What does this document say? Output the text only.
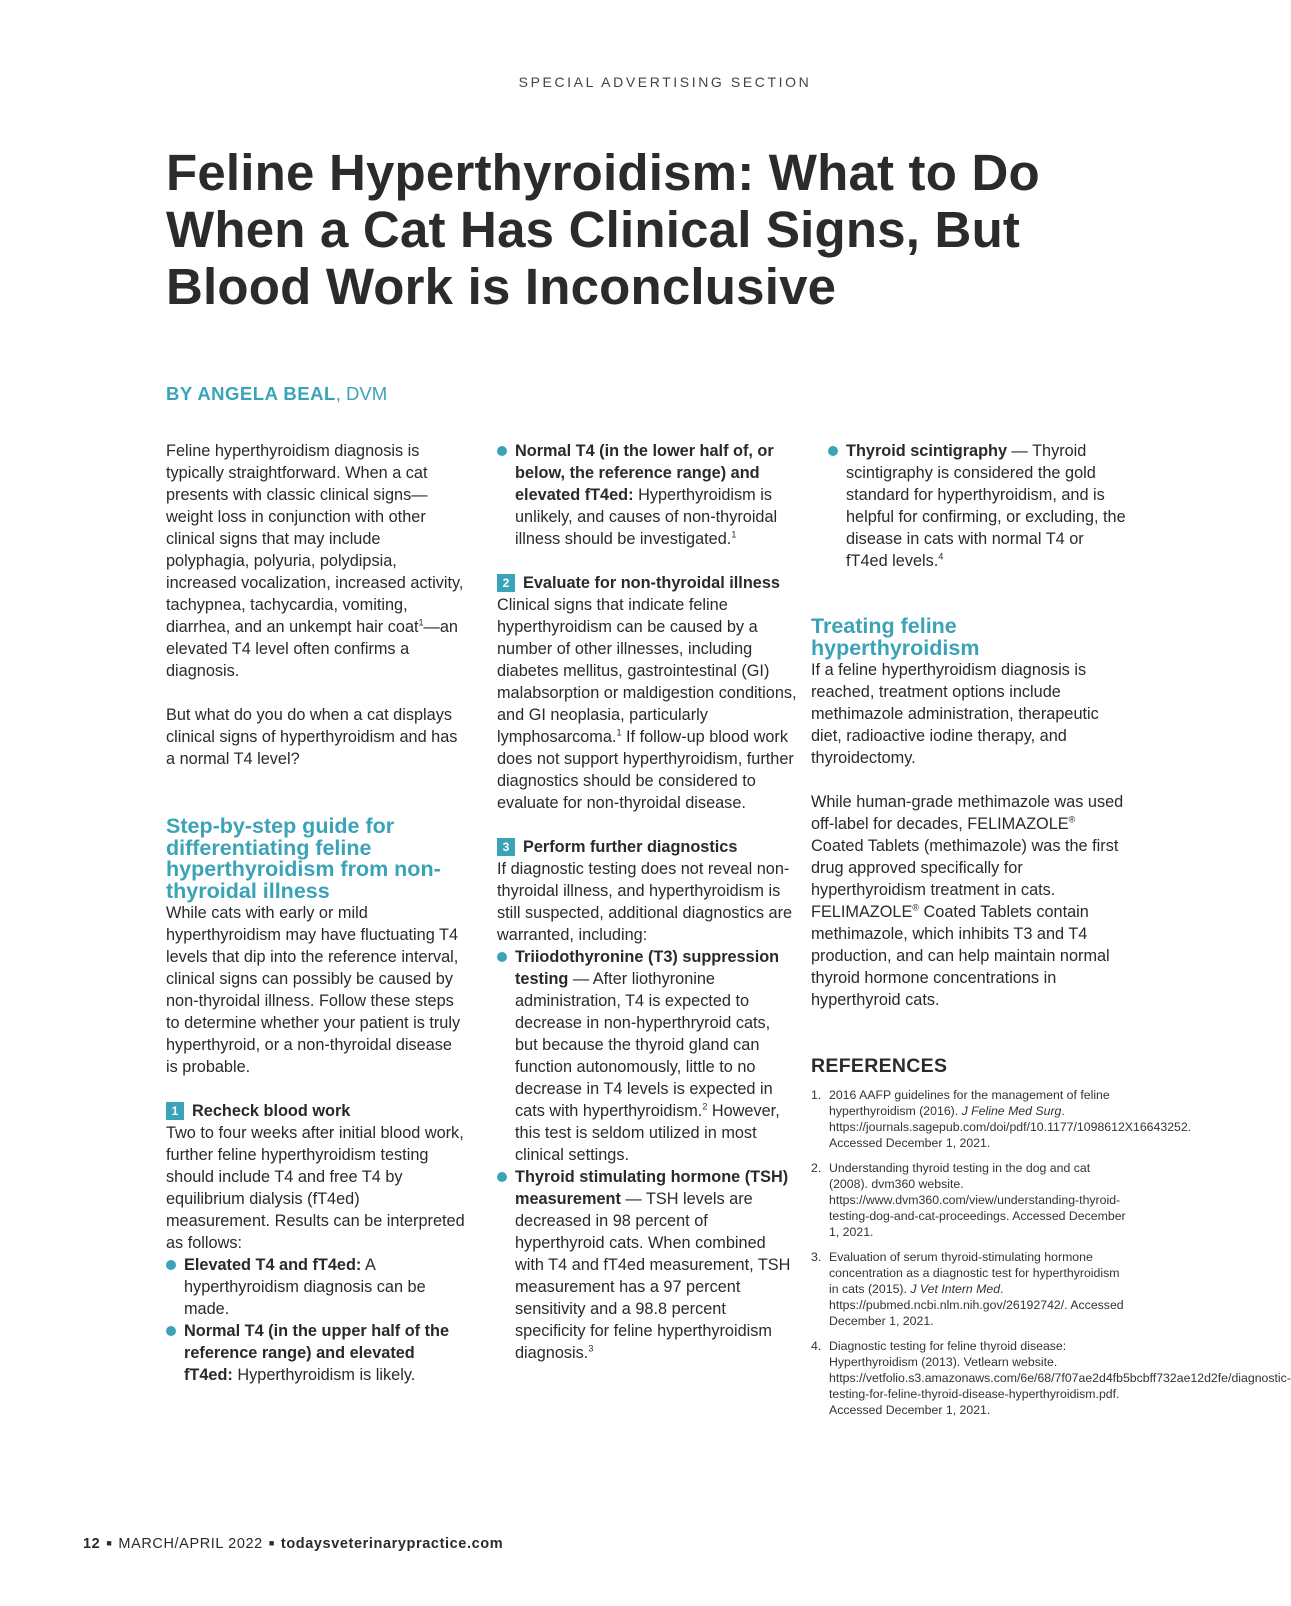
SPECIAL ADVERTISING SECTION
Feline Hyperthyroidism: What to Do When a Cat Has Clinical Signs, But Blood Work is Inconclusive

BY ANGELA BEAL, DVM

Feline hyperthyroidism diagnosis is typically straightforward. When a cat presents with classic clinical signs—weight loss in conjunction with other clinical signs that may include polyphagia, polyuria, polydipsia, increased vocalization, increased activity, tachypnea, tachycardia, vomiting, diarrhea, and an unkempt hair coat$^1$—an elevated T4 level often confirms a diagnosis.

But what do you do when a cat displays clinical signs of hyperthyroidism and has a normal T4 level?

Step-by-step guide for differentiating feline hyperthyroidism from non-thyroidal illness

While cats with early or mild hyperthyroidism may have fluctuating T4 levels that dip into the reference interval, clinical signs can possibly be caused by non-thyroidal illness. Follow these steps to determine whether your patient is truly hyperthyroid, or a non-thyroidal disease is probable.

1 Recheck blood work

Two to four weeks after initial blood work, further feline hyperthyroidism testing should include T4 and free T4 by equilibrium dialysis (fT4ed) measurement. Results can be interpreted as follows:

Elevated T4 and fT4ed: A hyperthyroidism diagnosis can be made.
Normal T4 (in the upper half of the reference range) and elevated fT4ed: Hyperthyroidism is likely.
Normal T4 (in the lower half of, or below, the reference range) and elevated fT4ed: Hyperthyroidism is unlikely, and causes of non-thyroidal illness should be investigated.$^1$

2 Evaluate for non-thyroidal illness

Clinical signs that indicate feline hyperthyroidism can be caused by a number of other illnesses, including diabetes mellitus, gastrointestinal (GI) malabsorption or maldigestion conditions, and GI neoplasia, particularly lymphosarcoma.$^1$ If follow-up blood work does not support hyperthyroidism, further diagnostics should be considered to evaluate for non-thyroidal disease.

3 Perform further diagnostics

If diagnostic testing does not reveal non-thyroidal illness, and hyperthyroidism is still suspected, additional diagnostics are warranted, including:

Triiodothyronine (T3) suppression testing — After liothyronine administration, T4 is expected to decrease in non-hyperthryroid cats, but because the thyroid gland can function autonomously, little to no decrease in T4 levels is expected in cats with hyperthyroidism.$^2$ However, this test is seldom utilized in most clinical settings.
Thyroid stimulating hormone (TSH) measurement — TSH levels are decreased in 98 percent of hyperthyroid cats. When combined with T4 and fT4ed measurement, TSH measurement has a 97 percent sensitivity and a 98.8 percent specificity for feline hyperthyroidism diagnosis.$^3$
Thyroid scintigraphy — Thyroid scintigraphy is considered the gold standard for hyperthyroidism, and is helpful for confirming, or excluding, the disease in cats with normal T4 or fT4ed levels.$^4$
Treating feline hyperthyroidism

If a feline hyperthyroidism diagnosis is reached, treatment options include methimazole administration, therapeutic diet, radioactive iodine therapy, and thyroidectomy.

While human-grade methimazole was used off-label for decades, FELIMAZOLE® Coated Tablets (methimazole) was the first drug approved specifically for hyperthyroidism treatment in cats. FELIMAZOLE® Coated Tablets contain methimazole, which inhibits T3 and T4 production, and can help maintain normal thyroid hormone concentrations in hyperthyroid cats.

REFERENCES
1. 2016 AAFP guidelines for the management of feline hyperthyroidism (2016). J Feline Med Surg. https://journals.sagepub.com/doi/pdf/10.1177/1098612X16643252. Accessed December 1, 2021.
2. Understanding thyroid testing in the dog and cat (2008). dvm360 website. https://www.dvm360.com/view/understanding-thyroid-testing-dog-and-cat-proceedings. Accessed December 1, 2021.
3. Evaluation of serum thyroid-stimulating hormone concentration as a diagnostic test for hyperthyroidism in cats (2015). J Vet Intern Med. https://pubmed.ncbi.nlm.nih.gov/26192742/. Accessed December 1, 2021.
4. Diagnostic testing for feline thyroid disease: Hyperthyroidism (2013). Vetlearn website. https://vetfolio.s3.amazonaws.com/6e/68/7f07ae2d4fb5bcbff732ae12d2fe/diagnostic-testing-for-feline-thyroid-disease-hyperthyroidism.pdf. Accessed December 1, 2021.
12 ■ MARCH/APRIL 2022 ■ todaysveterinarypractice.com
